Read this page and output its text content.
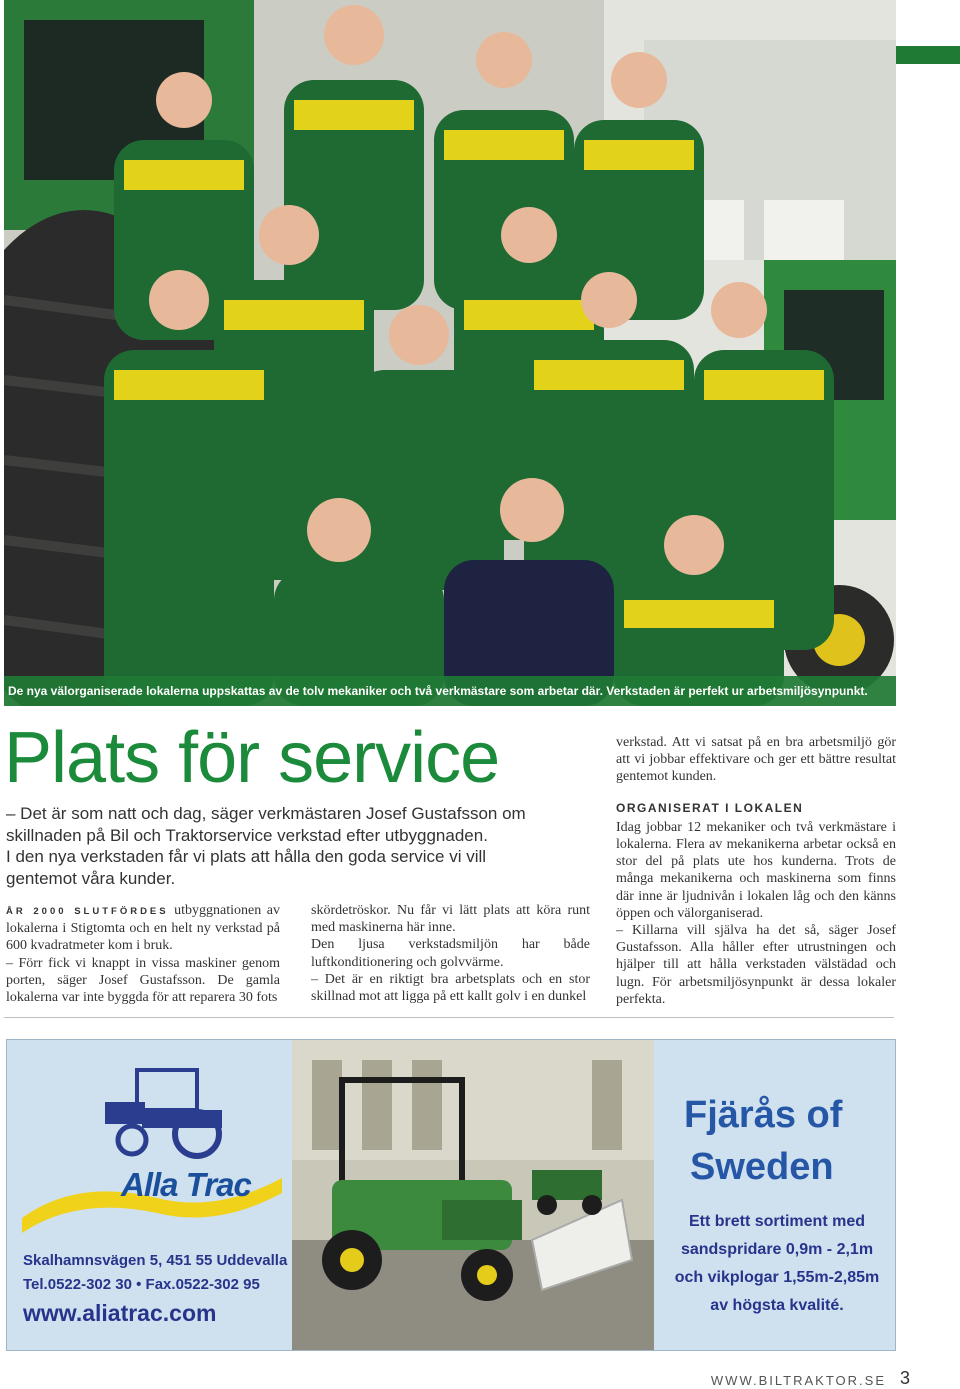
De nya välorganiserade lokalerna uppskattas av de tolv mekaniker och två verkmästare som arbetar där. Verkstaden är perfekt ur arbetsmiljösynpunkt.
Plats för service

– Det är som natt och dag, säger verkmästaren Josef Gustafsson om skillnaden på Bil och Traktorservice verkstad efter utbyggnaden.

I den nya verkstaden får vi plats att hålla den goda service vi vill gentemot våra kunder.

ÅR 2000 SLUTFÖRDES utbyggnationen av lokalerna i Stigtomta och en helt ny verkstad på 600 kvadratmeter kom i bruk.

– Förr fick vi knappt in vissa maskiner genom porten, säger Josef Gustafsson. De gamla lokalerna var inte byggda för att reparera 30 fots

skördetröskor. Nu får vi lätt plats att köra runt med maskinerna här inne.

Den ljusa verkstadsmiljön har både luftkonditionering och golvvärme.

– Det är en riktigt bra arbetsplats och en stor skillnad mot att ligga på ett kallt golv i en dunkel

verkstad. Att vi satsat på en bra arbetsmiljö gör att vi jobbar effektivare och ger ett bättre resultat gentemot kunden.

ORGANISERAT I LOKALEN

Idag jobbar 12 mekaniker och två verkmästare i lokalerna. Flera av mekanikerna arbetar också en stor del på plats ute hos kunderna. Trots de många mekanikerna och maskinerna som finns där inne är ljudnivån i lokalen låg och den känns öppen och välorganiserad.

– Killarna vill själva ha det så, säger Josef Gustafsson. Alla håller efter utrustningen och hjälper till att hålla verkstaden välstädad och lugn. För arbetsmiljösynpunkt är dessa lokaler perfekta.

Alla Trac
Skalhamnsvägen 5, 451 55 Uddevalla
Tel.0522-302 30 • Fax.0522-302 95
www.aliatrac.com
Fjärås of
Sweden
Ett brett sortiment med
sandspridare 0,9m - 2,1m
och vikplogar 1,55m-2,85m
av högsta kvalité.
WWW.BILTRAKTOR.SE 3
